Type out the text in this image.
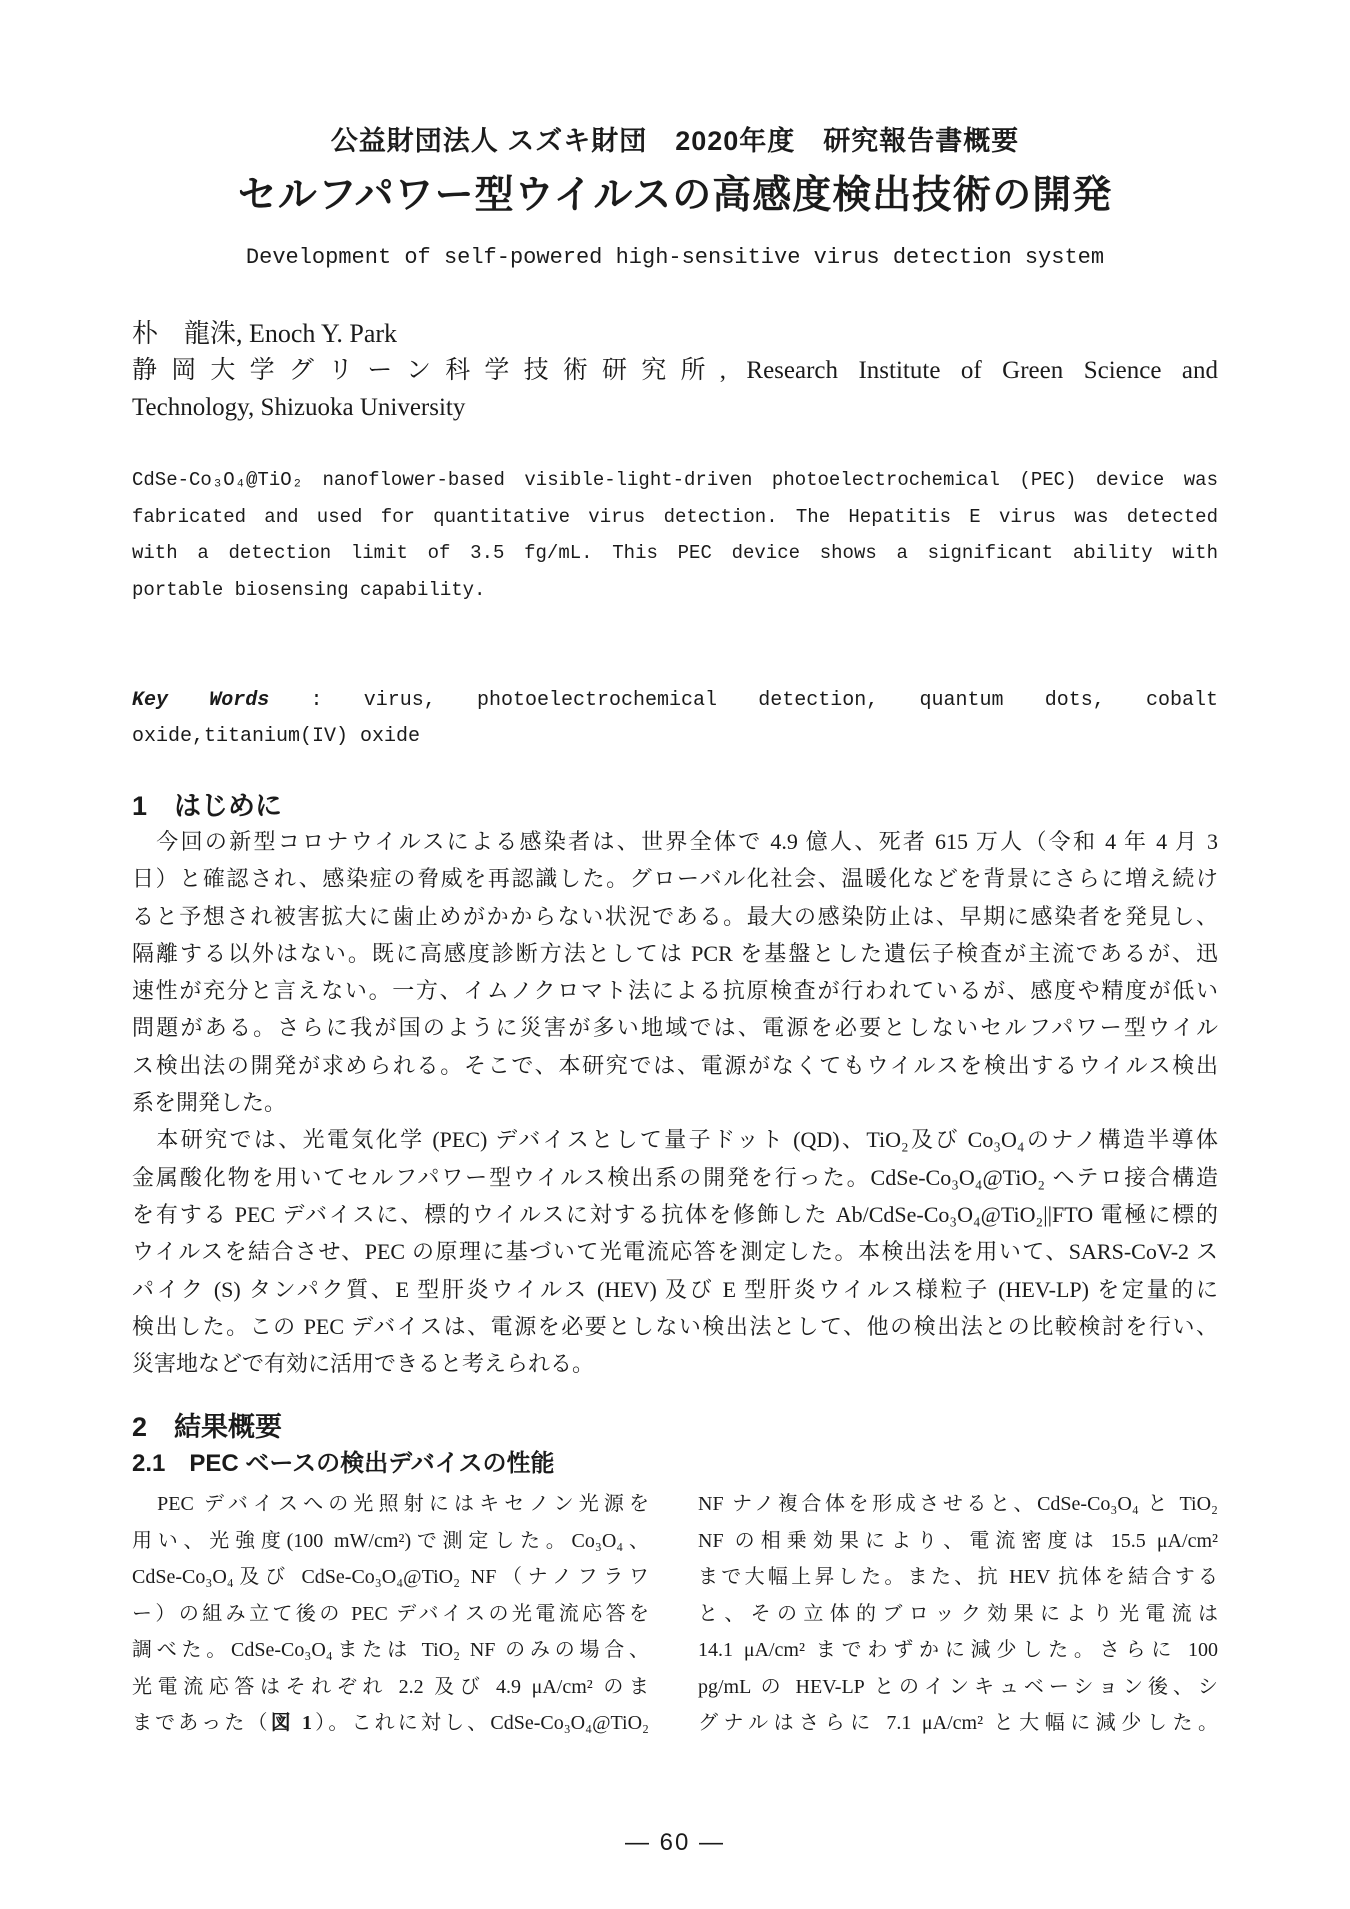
公益財団法人 スズキ財団　2020年度　研究報告書概要
セルフパワー型ウイルスの高感度検出技術の開発
Development of self-powered high-sensitive virus detection system
朴　龍洙, Enoch Y. Park
静岡大学グリーン科学技術研究所, Research Institute of Green Science and
Technology, Shizuoka University
CdSe-Co₃O₄@TiO₂ nanoflower-based visible-light-driven photoelectrochemical (PEC) device was
fabricated and used for quantitative virus detection. The Hepatitis E virus was detected
with a detection limit of 3.5 fg/mL. This PEC device shows a significant ability with
portable biosensing capability.
Key Words : virus, photoelectrochemical detection, quantum dots, cobalt
oxide,titanium(IV) oxide
1　はじめに
　今回の新型コロナウイルスによる感染者は、世界全体で 4.9 億人、死者 615 万人（令和 4 年 4 月 3
日）と確認され、感染症の脅威を再認識した。グローバル化社会、温暖化などを背景にさらに増え続け
ると予想され被害拡大に歯止めがかからない状況である。最大の感染防止は、早期に感染者を発見し、
隔離する以外はない。既に高感度診断方法としては PCR を基盤とした遺伝子検査が主流であるが、迅
速性が充分と言えない。一方、イムノクロマト法による抗原検査が行われているが、感度や精度が低い
問題がある。さらに我が国のように災害が多い地域では、電源を必要としないセルフパワー型ウイル
ス検出法の開発が求められる。そこで、本研究では、電源がなくてもウイルスを検出するウイルス検出
系を開発した。
　本研究では、光電気化学 (PEC) デバイスとして量子ドット (QD)、TiO₂及び Co₃O₄のナノ構造半導体
金属酸化物を用いてセルフパワー型ウイルス検出系の開発を行った。CdSe-Co₃O₄@TiO₂ ヘテロ接合構造
を有する PEC デバイスに、標的ウイルスに対する抗体を修飾した Ab/CdSe-Co₃O₄@TiO₂||FTO 電極に標的
ウイルスを結合させ、PEC の原理に基づいて光電流応答を測定した。本検出法を用いて、SARS-CoV-2 ス
パイク (S) タンパク質、E 型肝炎ウイルス (HEV) 及び E 型肝炎ウイルス様粒子 (HEV-LP) を定量的に
検出した。この PEC デバイスは、電源を必要としない検出法として、他の検出法との比較検討を行い、
災害地などで有効に活用できると考えられる。
2　結果概要
2.1　PEC ベースの検出デバイスの性能
　PEC デバイスへの光照射にはキセノン光源を
用い、光強度(100 mW/cm²)で測定した。Co₃O₄、
CdSe-Co₃O₄及び CdSe-Co₃O₄@TiO₂ NF（ナノフラワ
ー）の組み立て後の PEC デバイスの光電流応答を
調べた。CdSe-Co₃O₄または TiO₂ NF のみの場合、
光電流応答はそれぞれ 2.2 及び 4.9 μA/cm² のま
まであった（図 1）。これに対し、CdSe-Co₃O₄@TiO₂
NF ナノ複合体を形成させると、CdSe-Co₃O₄ と TiO₂
NF の相乗効果により、電流密度は 15.5 μA/cm²
まで大幅上昇した。また、抗 HEV 抗体を結合する
と、その立体的ブロック効果により光電流は
14.1 μA/cm² までわずかに減少した。さらに 100
pg/mL の HEV-LP とのインキュベーション後、シ
グナルはさらに 7.1 μA/cm² と大幅に減少した。
— 60 —
